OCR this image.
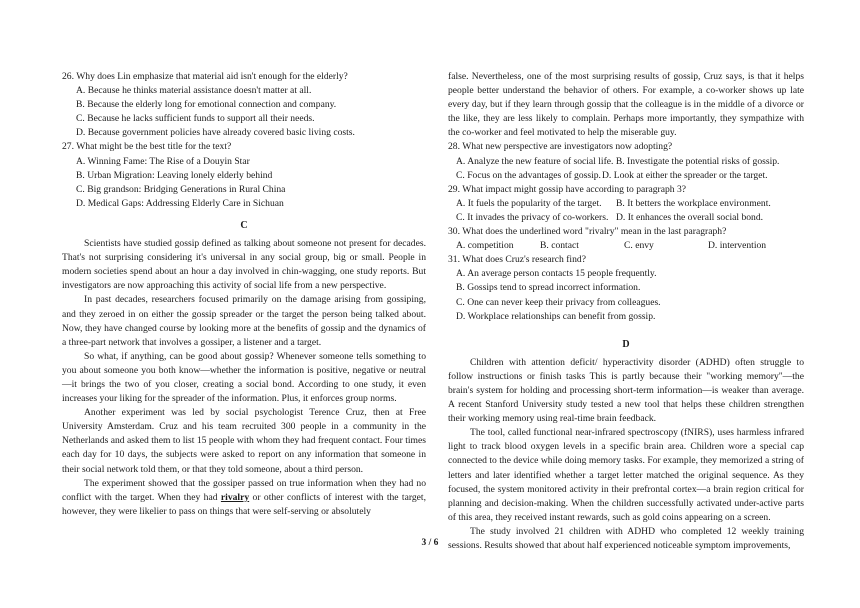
26. Why does Lin emphasize that material aid isn't enough for the elderly?

A. Because he thinks material assistance doesn't matter at all.

B. Because the elderly long for emotional connection and company.

C. Because he lacks sufficient funds to support all their needs.

D. Because government policies have already covered basic living costs.

27. What might be the best title for the text?

A. Winning Fame: The Rise of a Douyin Star

B. Urban Migration: Leaving lonely elderly behind

C. Big grandson: Bridging Generations in Rural China

D. Medical Gaps: Addressing Elderly Care in Sichuan

C

Scientists have studied gossip defined as talking about someone not present for decades. That's not surprising considering it's universal in any social group, big or small. People in modern societies spend about an hour a day involved in chin-wagging, one study reports. But investigators are now approaching this activity of social life from a new perspective.

In past decades, researchers focused primarily on the damage arising from gossiping, and they zeroed in on either the gossip spreader or the target the person being talked about. Now, they have changed course by looking more at the benefits of gossip and the dynamics of a three-part network that involves a gossiper, a listener and a target.

So what, if anything, can be good about gossip? Whenever someone tells something to you about someone you both know—whether the information is positive, negative or neutral—it brings the two of you closer, creating a social bond. According to one study, it even increases your liking for the spreader of the information. Plus, it enforces group norms.

Another experiment was led by social psychologist Terence Cruz, then at Free University Amsterdam. Cruz and his team recruited 300 people in a community in the Netherlands and asked them to list 15 people with whom they had frequent contact. Four times each day for 10 days, the subjects were asked to report on any information that someone in their social network told them, or that they told someone, about a third person.

The experiment showed that the gossiper passed on true information when they had no conflict with the target. When they had rivalry or other conflicts of interest with the target, however, they were likelier to pass on things that were self-serving or absolutely

false. Nevertheless, one of the most surprising results of gossip, Cruz says, is that it helps people better understand the behavior of others. For example, a co-worker shows up late every day, but if they learn through gossip that the colleague is in the middle of a divorce or the like, they are less likely to complain. Perhaps more importantly, they sympathize with the co-worker and feel motivated to help the miserable guy.

28. What new perspective are investigators now adopting?

A. Analyze the new feature of social life.
B. Investigate the potential risks of gossip.
C. Focus on the advantages of gossip. D. Look at either the spreader or the target.

29. What impact might gossip have according to paragraph 3?

A. It fuels the popularity of the target.	B. It betters the workplace environment.
C. It invades the privacy of co-workers. D. It enhances the overall social bond.

30. What does the underlined word "rivalry" mean in the last paragraph?

A. competition	B. contact	C. envy	D. intervention

31. What does Cruz's research find?

A. An average person contacts 15 people frequently.

B. Gossips tend to spread incorrect information.

C. One can never keep their privacy from colleagues.

D. Workplace relationships can benefit from gossip.

D

Children with attention deficit/ hyperactivity disorder (ADHD) often struggle to follow instructions or finish tasks This is partly because their "working memory"—the brain's system for holding and processing short-term information—is weaker than average. A recent Stanford University study tested a new tool that helps these children strengthen their working memory using real-time brain feedback.

The tool, called functional near-infrared spectroscopy (fNIRS), uses harmless infrared light to track blood oxygen levels in a specific brain area. Children wore a special cap connected to the device while doing memory tasks. For example, they memorized a string of letters and later identified whether a target letter matched the original sequence. As they focused, the system monitored activity in their prefrontal cortex—a brain region critical for planning and decision-making. When the children successfully activated under-active parts of this area, they received instant rewards, such as gold coins appearing on a screen.

The study involved 21 children with ADHD who completed 12 weekly training sessions. Results showed that about half experienced noticeable symptom improvements,

3 / 6
